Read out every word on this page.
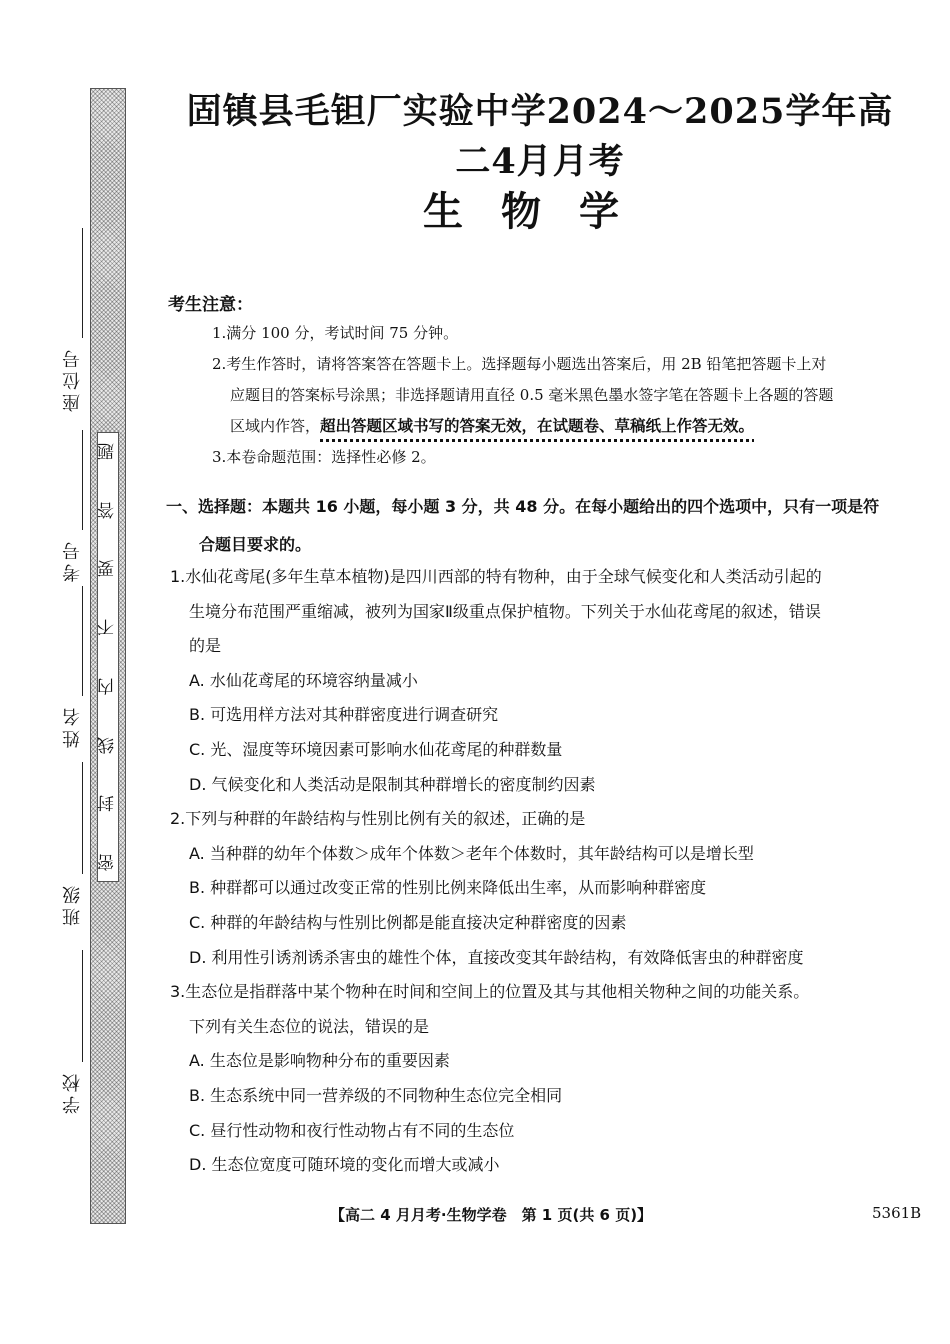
题
答
要
不
内
线
封
密
座位号
考号
姓名
班级
学校
固镇县毛钽厂实验中学2024～2025学年高二4月月考
生物学
考生注意：

1.满分 100 分，考试时间 75 分钟。

2.考生作答时，请将答案答在答题卡上。选择题每小题选出答案后，用 2B 铅笔把答题卡上对

应题目的答案标号涂黑；非选择题请用直径 0.5 毫米黑色墨水签字笔在答题卡上各题的答题

区域内作答，超出答题区域书写的答案无效，在试题卷、草稿纸上作答无效。

3.本卷命题范围：选择性必修 2。

一、选择题：本题共 16 小题，每小题 3 分，共 48 分。在每小题给出的四个选项中，只有一项是符
合题目要求的。

1.水仙花鸢尾(多年生草本植物)是四川西部的特有物种，由于全球气候变化和人类活动引起的

生境分布范围严重缩减，被列为国家Ⅱ级重点保护植物。下列关于水仙花鸢尾的叙述，错误

的是

A. 水仙花鸢尾的环境容纳量减小

B. 可选用样方法对其种群密度进行调查研究

C. 光、湿度等环境因素可影响水仙花鸢尾的种群数量

D. 气候变化和人类活动是限制其种群增长的密度制约因素

2.下列与种群的年龄结构与性别比例有关的叙述，正确的是

A. 当种群的幼年个体数＞成年个体数＞老年个体数时，其年龄结构可以是增长型

B. 种群都可以通过改变正常的性别比例来降低出生率，从而影响种群密度

C. 种群的年龄结构与性别比例都是能直接决定种群密度的因素

D. 利用性引诱剂诱杀害虫的雄性个体，直接改变其年龄结构，有效降低害虫的种群密度

3.生态位是指群落中某个物种在时间和空间上的位置及其与其他相关物种之间的功能关系。

下列有关生态位的说法，错误的是

A. 生态位是影响物种分布的重要因素

B. 生态系统中同一营养级的不同物种生态位完全相同

C. 昼行性动物和夜行性动物占有不同的生态位

D. 生态位宽度可随环境的变化而增大或减小

【高二 4 月月考·生物学卷　第 1 页(共 6 页)】	5361B
